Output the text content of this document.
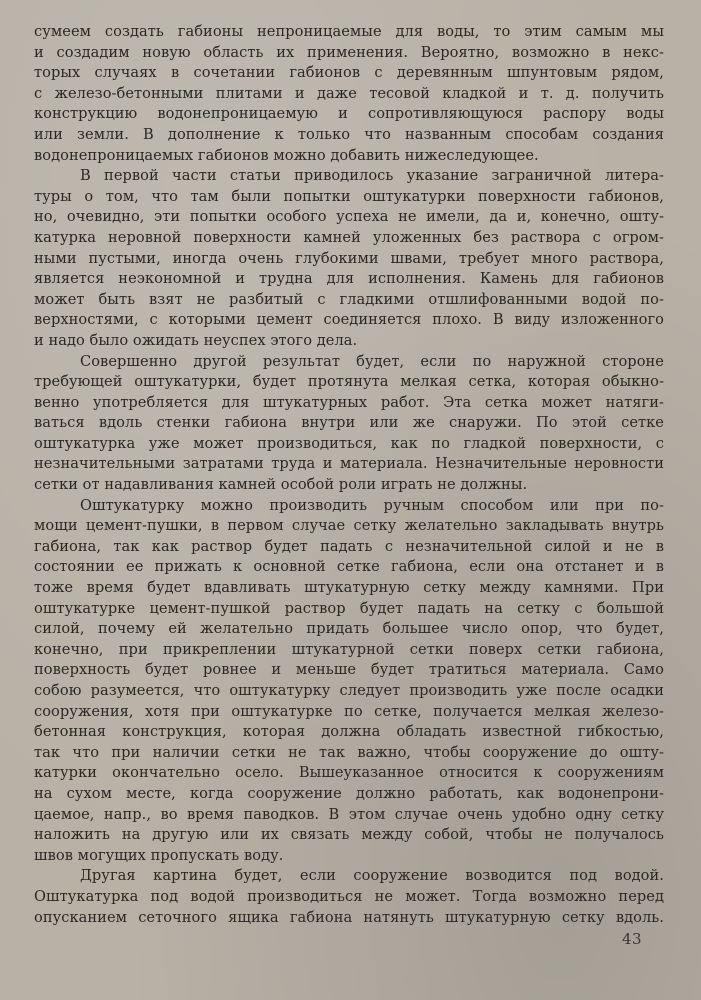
сумеем создать габионы непроницаемые для воды, то этим самым мы
и создадим новую область их применения. Вероятно, возможно в некс-
торых случаях в сочетании габионов с деревянным шпунтовым рядом,
с железо-бетонными плитами и даже тесовой кладкой и т. д. получить
конструкцию водонепроницаемую и сопротивляющуюся распору воды
или земли. В дополнение к только что названным способам создания
водонепроницаемых габионов можно добавить нижеследующее.
В первой части статьи приводилось указание заграничной литера-
туры о том, что там были попытки оштукатурки поверхности габионов,
но, очевидно, эти попытки особого успеха не имели, да и, конечно, ошту-
катурка неровной поверхности камней уложенных без раствора с огром-
ными пустыми, иногда очень глубокими швами, требует много раствора,
является неэкономной и трудна для исполнения. Камень для габионов
может быть взят не разбитый с гладкими отшлифованными водой по-
верхностями, с которыми цемент соединяется плохо. В виду изложенного
и надо было ожидать неуспех этого дела.
Совершенно другой результат будет, если по наружной стороне
требующей оштукатурки, будет протянута мелкая сетка, которая обыкно-
венно употребляется для штукатурных работ. Эта сетка может натяги-
ваться вдоль стенки габиона внутри или же снаружи. По этой сетке
оштукатурка уже может производиться, как по гладкой поверхности, с
незначительными затратами труда и материала. Незначительные неровности
сетки от надавливания камней особой роли играть не должны.
Оштукатурку можно производить ручным способом или при по-
мощи цемент-пушки, в первом случае сетку желательно закладывать внутрь
габиона, так как раствор будет падать с незначительной силой и не в
состоянии ее прижать к основной сетке габиона, если она отстанет и в
тоже время будет вдавливать штукатурную сетку между камнями. При
оштукатурке цемент-пушкой раствор будет падать на сетку с большой
силой, почему ей желательно придать большее число опор, что будет,
конечно, при прикреплении штукатурной сетки поверх сетки габиона,
поверхность будет ровнее и меньше будет тратиться материала. Само
собою разумеется, что оштукатурку следует производить уже после осадки
сооружения, хотя при оштукатурке по сетке, получается мелкая железо-
бетонная конструкция, которая должна обладать известной гибкостью,
так что при наличии сетки не так важно, чтобы сооружение до ошту-
катурки окончательно осело. Вышеуказанное относится к сооружениям
на сухом месте, когда сооружение должно работать, как водонепрони-
цаемое, напр., во время паводков. В этом случае очень удобно одну сетку
наложить на другую или их связать между собой, чтобы не получалось
швов могущих пропускать воду.
Другая картина будет, если сооружение возводится под водой.
Оштукатурка под водой производиться не может. Тогда возможно перед
опусканием сеточного ящика габиона натянуть штукатурную сетку вдоль.
43
